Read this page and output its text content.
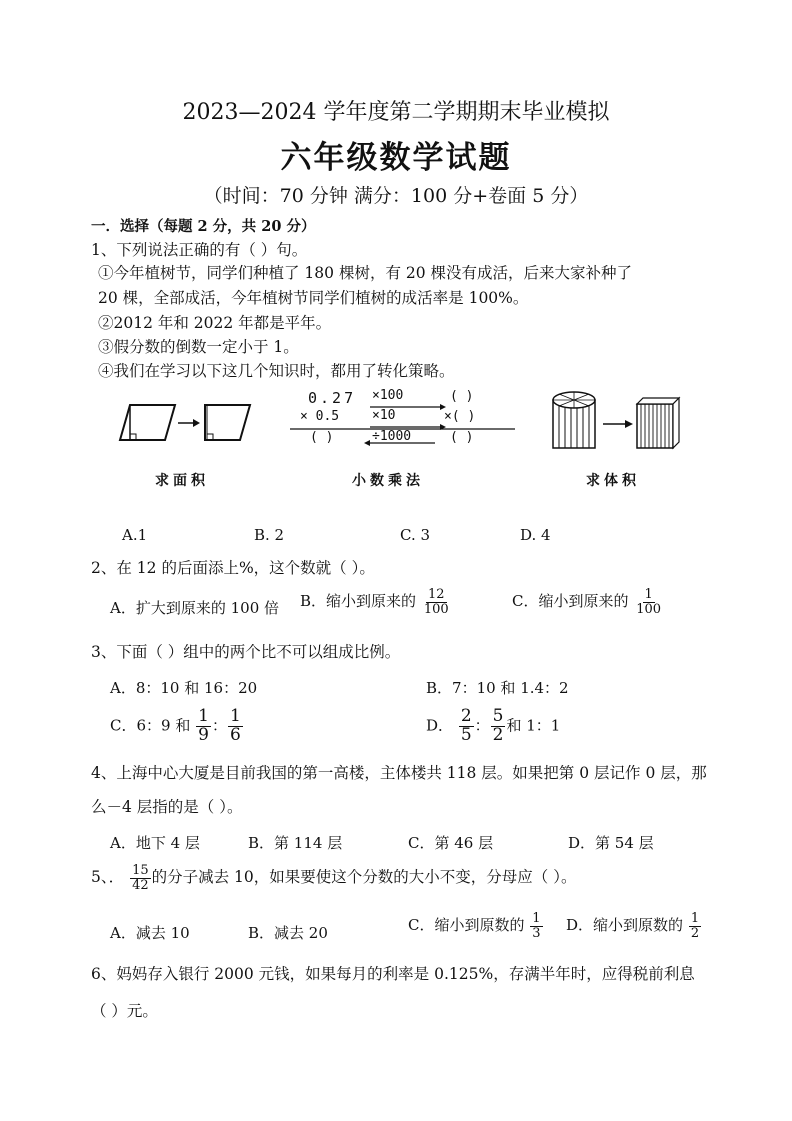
2023—2024 学年度第二学期期末毕业模拟
六年级数学试题
（时间：70 分钟 满分：100 分+卷面 5 分）
一．选择（每题 2 分，共 20 分）
1、下列说法正确的有（ ）句。
①今年植树节，同学们种植了 180 棵树，有 20 棵没有成活，后来大家补种了
20 棵，全部成活，今年植树节同学们植树的成活率是 100%。
②2012 年和 2022 年都是平年。
③假分数的倒数一定小于 1。
④我们在学习以下这几个知识时，都用了转化策略。
0.27 ×100	( )
× 0.5	×10	×( )
( )	÷1000	( )
求面积	小数乘法	求体积
A.1	B. 2	C. 3	D. 4
2、在 12 的后面添上%，这个数就（ ）。
A．扩大到原来的 100 倍 B．缩小到原来的 $\frac{12}{100}$	C．缩小到原来的 $\frac{1}{100}$
3、下面（ ）组中的两个比不可以组成比例。
A．8：10 和 16：20	B．7：10 和 1.4：2
C．6：9 和 $\frac{1}{9}$ ： $\frac{1}{6}$	D． $\frac{2}{5}$ ： $\frac{5}{2}$ 和 1：1
4、上海中心大厦是目前我国的第一高楼，主体楼共 118 层。如果把第 0 层记作 0 层，那
么－4 层指的是（ ）。
A．地下 4 层	B．第 114 层	C．第 46 层	D．第 54 层
5、． $\frac{15}{42}$ 的分子减去 10，如果要使这个分数的大小不变，分母应（ ）。
A．减去 10	B．减去 20	C．缩小到原数的 $\frac{1}{3}$ D．缩小到原数的 $\frac{1}{2}$
6、妈妈存入银行 2000 元钱，如果每月的利率是 0.125%，存满半年时，应得税前利息
（ ）元。
